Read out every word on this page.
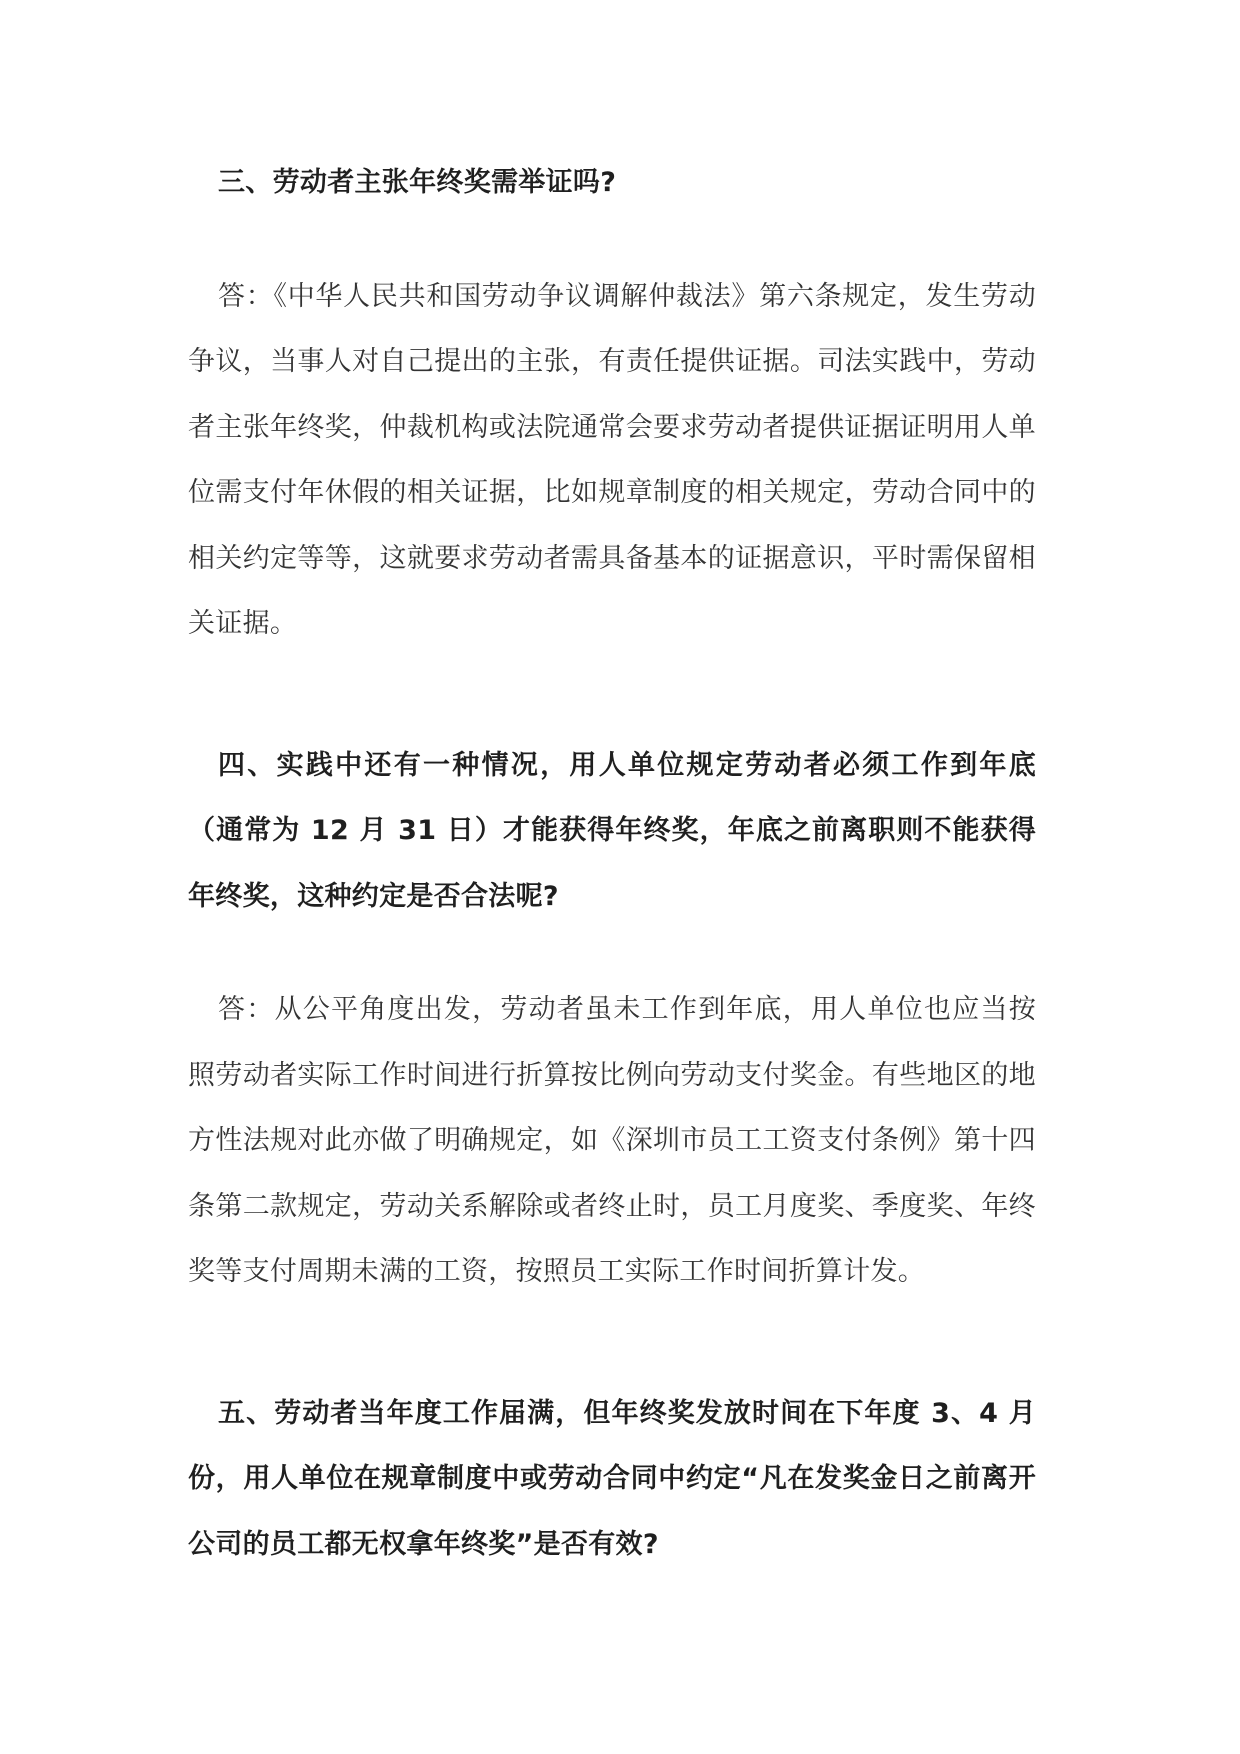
三、劳动者主张年终奖需举证吗?

答：《中华人民共和国劳动争议调解仲裁法》第六条规定，发生劳动争议，当事人对自己提出的主张，有责任提供证据。司法实践中，劳动者主张年终奖，仲裁机构或法院通常会要求劳动者提供证据证明用人单位需支付年休假的相关证据，比如规章制度的相关规定，劳动合同中的相关约定等等，这就要求劳动者需具备基本的证据意识，平时需保留相关证据。

四、实践中还有一种情况，用人单位规定劳动者必须工作到年底（通常为 12 月 31 日）才能获得年终奖，年底之前离职则不能获得年终奖，这种约定是否合法呢?

答：从公平角度出发，劳动者虽未工作到年底，用人单位也应当按照劳动者实际工作时间进行折算按比例向劳动支付奖金。有些地区的地方性法规对此亦做了明确规定，如《深圳市员工工资支付条例》第十四条第二款规定，劳动关系解除或者终止时，员工月度奖、季度奖、年终奖等支付周期未满的工资，按照员工实际工作时间折算计发。

五、劳动者当年度工作届满，但年终奖发放时间在下年度 3、4 月份，用人单位在规章制度中或劳动合同中约定“凡在发奖金日之前离开公司的员工都无权拿年终奖”是否有效?
